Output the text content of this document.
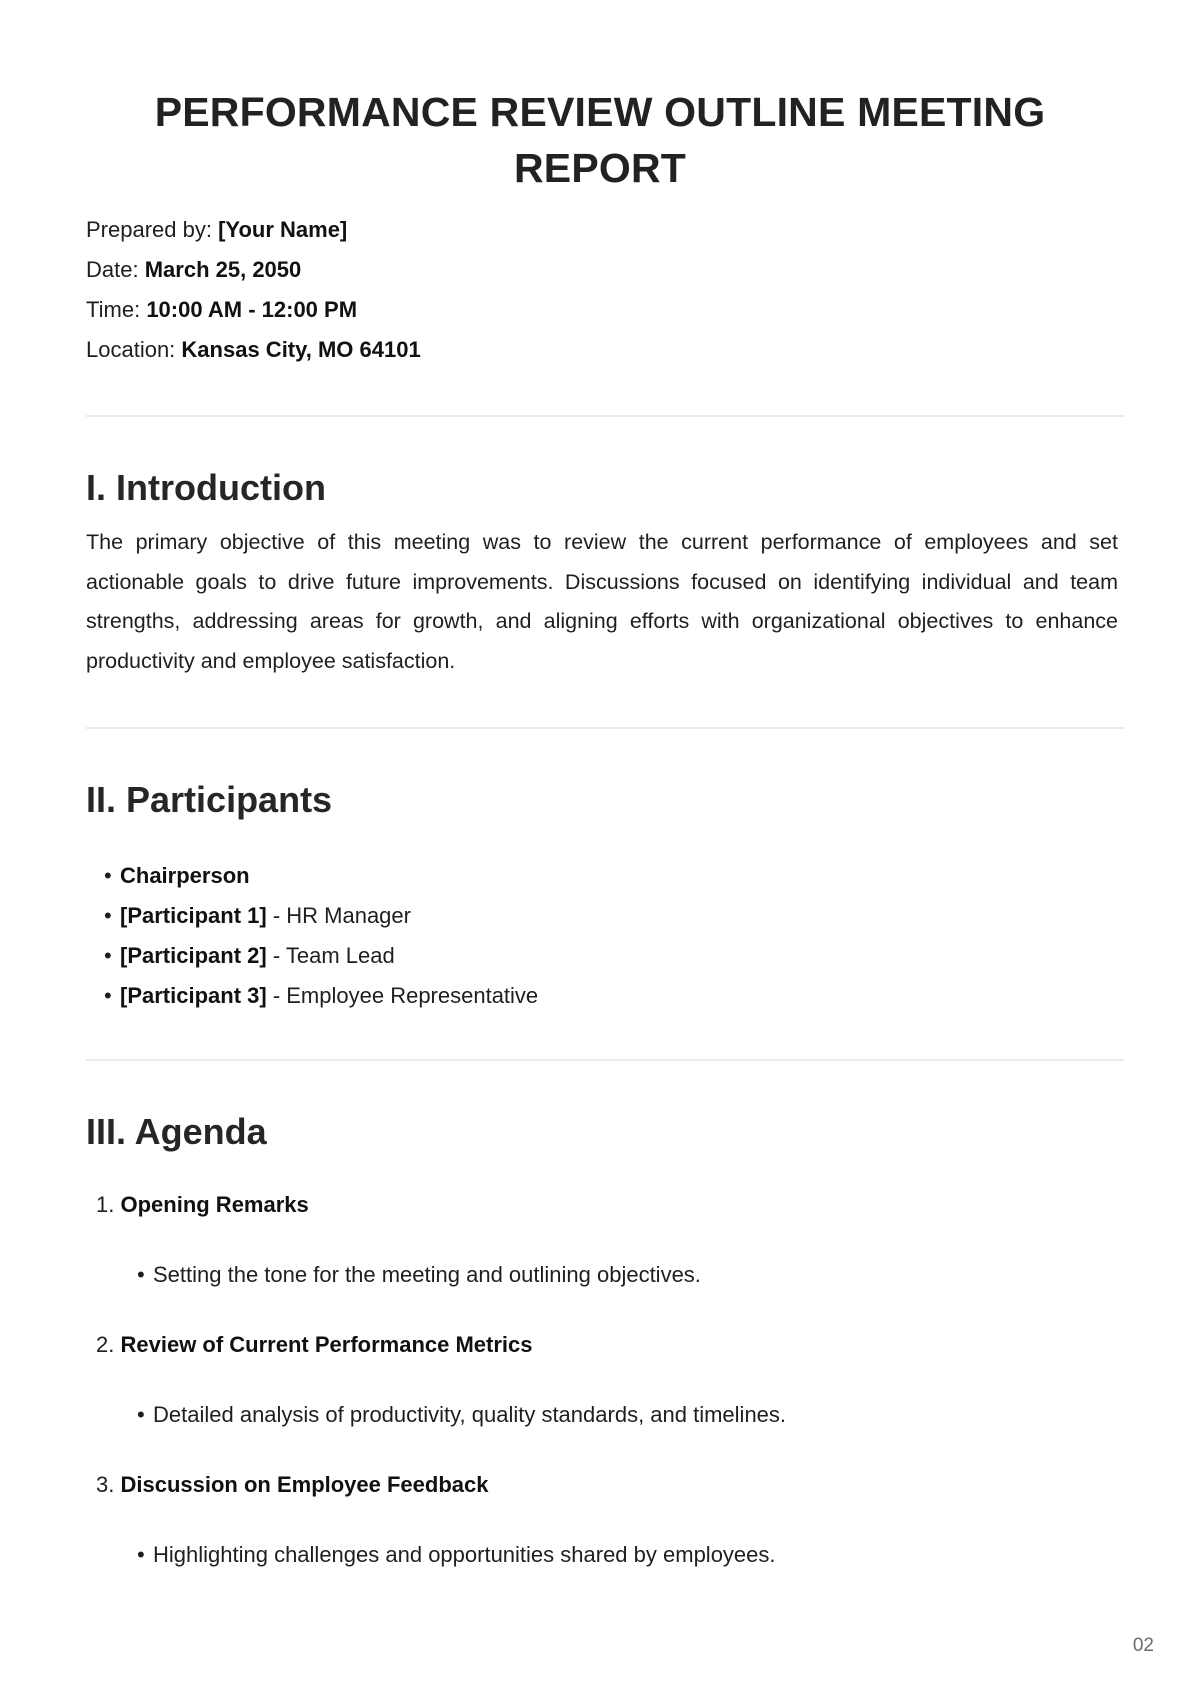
PERFORMANCE REVIEW OUTLINE MEETING REPORT
Prepared by: [Your Name]
Date: March 25, 2050
Time: 10:00 AM - 12:00 PM
Location: Kansas City, MO 64101
I. Introduction

The primary objective of this meeting was to review the current performance of employees and set actionable goals to drive future improvements. Discussions focused on identifying individual and team strengths, addressing areas for growth, and aligning efforts with organizational objectives to enhance productivity and employee satisfaction.

II. Participants
• Chairperson
• [Participant 1] - HR Manager
• [Participant 2] - Team Lead
• [Participant 3] - Employee Representative
III. Agenda
1. Opening Remarks
• Setting the tone for the meeting and outlining objectives.
2. Review of Current Performance Metrics
• Detailed analysis of productivity, quality standards, and timelines.
3. Discussion on Employee Feedback
• Highlighting challenges and opportunities shared by employees.
02
